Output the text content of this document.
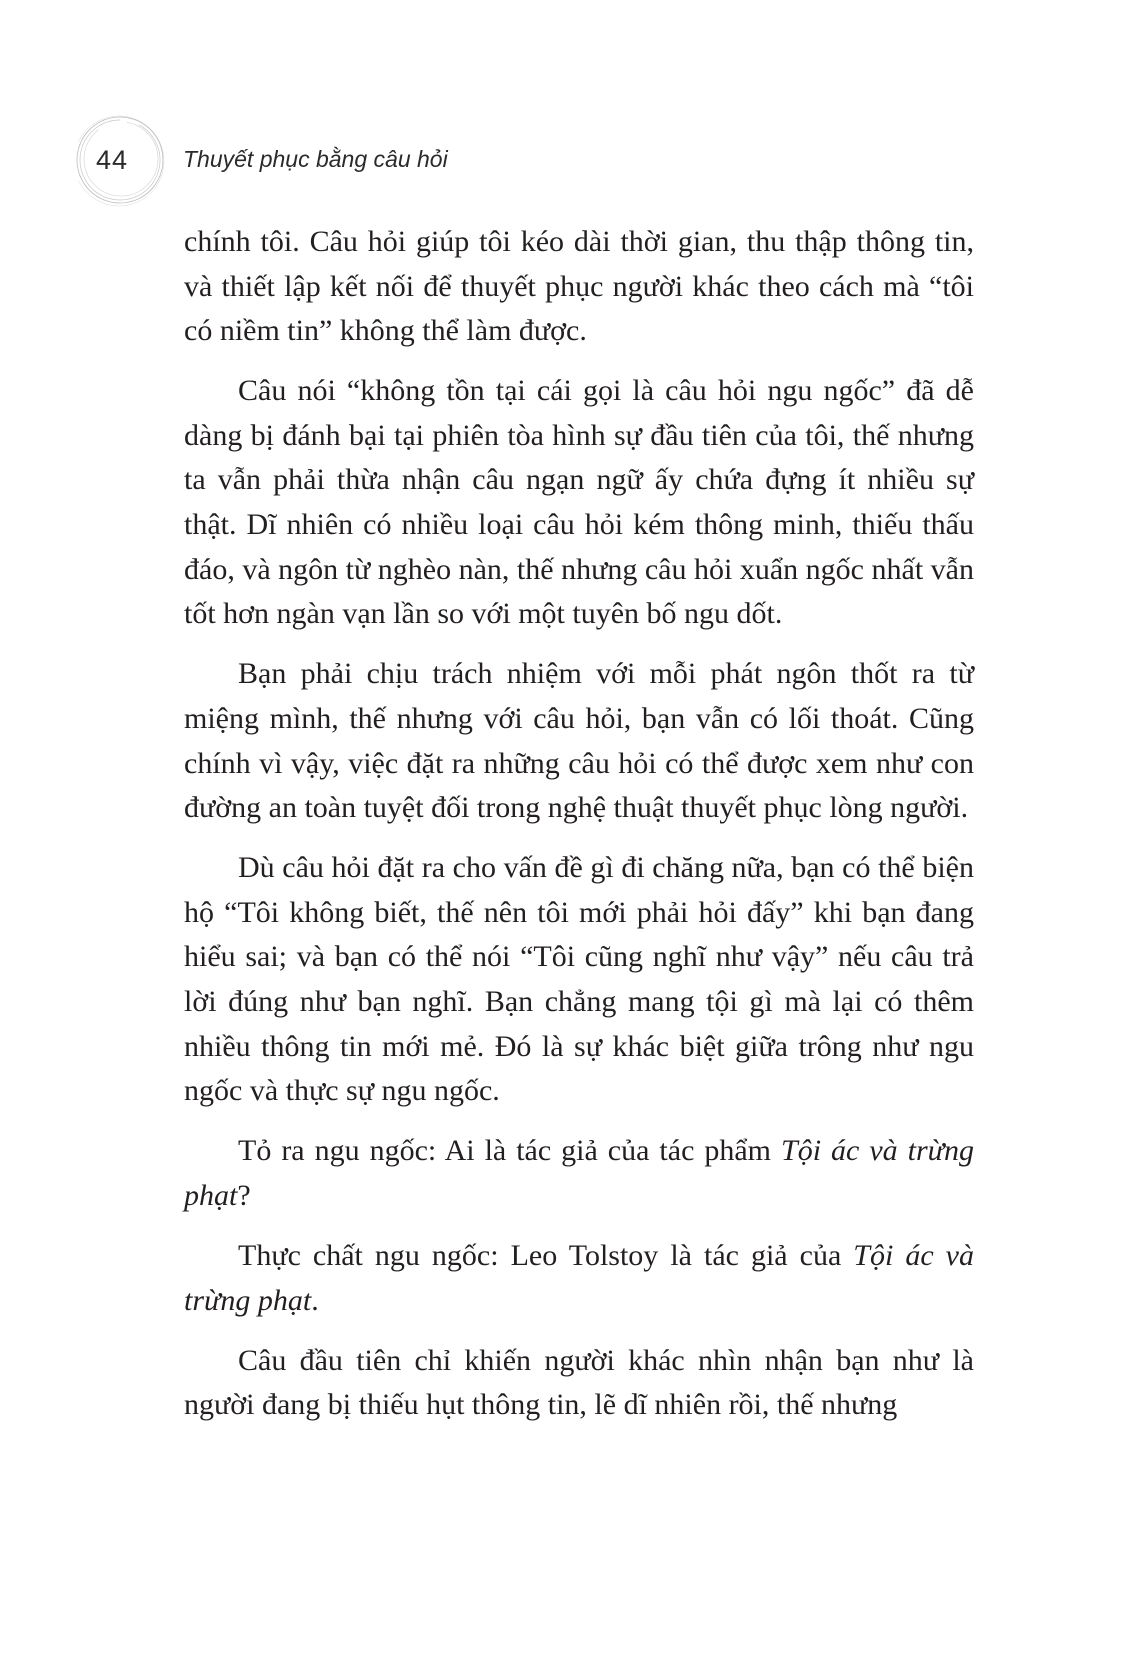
44 Thuyết phục bằng câu hỏi

chính tôi. Câu hỏi giúp tôi kéo dài thời gian, thu thập thông tin, và thiết lập kết nối để thuyết phục người khác theo cách mà “tôi có niềm tin” không thể làm được.

Câu nói “không tồn tại cái gọi là câu hỏi ngu ngốc” đã dễ dàng bị đánh bại tại phiên tòa hình sự đầu tiên của tôi, thế nhưng ta vẫn phải thừa nhận câu ngạn ngữ ấy chứa đựng ít nhiều sự thật. Dĩ nhiên có nhiều loại câu hỏi kém thông minh, thiếu thấu đáo, và ngôn từ nghèo nàn, thế nhưng câu hỏi xuẩn ngốc nhất vẫn tốt hơn ngàn vạn lần so với một tuyên bố ngu dốt.

Bạn phải chịu trách nhiệm với mỗi phát ngôn thốt ra từ miệng mình, thế nhưng với câu hỏi, bạn vẫn có lối thoát. Cũng chính vì vậy, việc đặt ra những câu hỏi có thể được xem như con đường an toàn tuyệt đối trong nghệ thuật thuyết phục lòng người.

Dù câu hỏi đặt ra cho vấn đề gì đi chăng nữa, bạn có thể biện hộ “Tôi không biết, thế nên tôi mới phải hỏi đấy” khi bạn đang hiểu sai; và bạn có thể nói “Tôi cũng nghĩ như vậy” nếu câu trả lời đúng như bạn nghĩ. Bạn chẳng mang tội gì mà lại có thêm nhiều thông tin mới mẻ. Đó là sự khác biệt giữa trông như ngu ngốc và thực sự ngu ngốc.

Tỏ ra ngu ngốc: Ai là tác giả của tác phẩm Tội ác và trừng phạt?

Thực chất ngu ngốc: Leo Tolstoy là tác giả của Tội ác và trừng phạt.

Câu đầu tiên chỉ khiến người khác nhìn nhận bạn như là người đang bị thiếu hụt thông tin, lẽ dĩ nhiên rồi, thế nhưng
